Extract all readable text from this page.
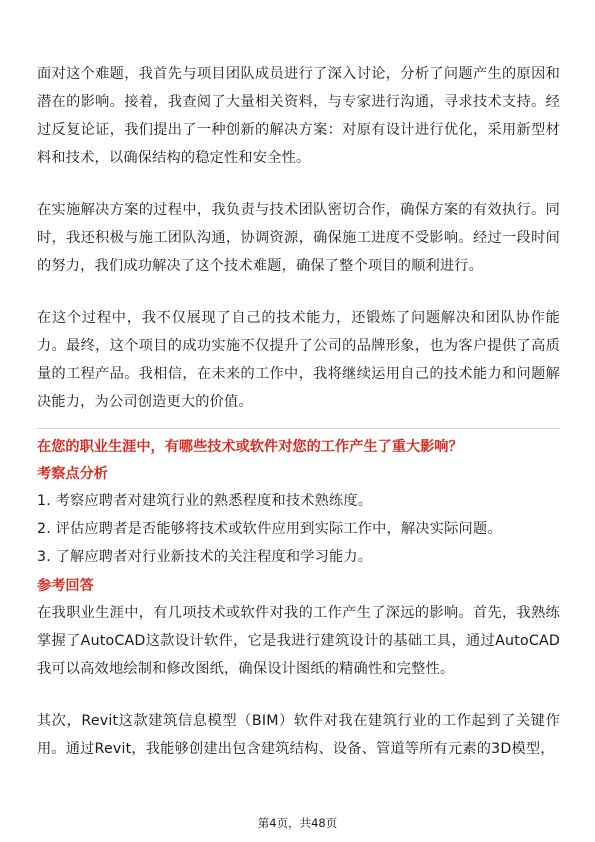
面对这个难题，我首先与项目团队成员进行了深入讨论，分析了问题产生的原因和潜在的影响。接着，我查阅了大量相关资料，与专家进行沟通，寻求技术支持。经过反复论证，我们提出了一种创新的解决方案：对原有设计进行优化，采用新型材料和技术，以确保结构的稳定性和安全性。

在实施解决方案的过程中，我负责与技术团队密切合作，确保方案的有效执行。同时，我还积极与施工团队沟通，协调资源，确保施工进度不受影响。经过一段时间的努力，我们成功解决了这个技术难题，确保了整个项目的顺利进行。

在这个过程中，我不仅展现了自己的技术能力，还锻炼了问题解决和团队协作能力。最终，这个项目的成功实施不仅提升了公司的品牌形象，也为客户提供了高质量的工程产品。我相信，在未来的工作中，我将继续运用自己的技术能力和问题解决能力，为公司创造更大的价值。

在您的职业生涯中，有哪些技术或软件对您的工作产生了重大影响？

考察点分析
1. 考察应聘者对建筑行业的熟悉程度和技术熟练度。
2. 评估应聘者是否能够将技术或软件应用到实际工作中，解决实际问题。
3. 了解应聘者对行业新技术的关注程度和学习能力。
参考回答

在我职业生涯中，有几项技术或软件对我的工作产生了深远的影响。首先，我熟练掌握了AutoCAD这款设计软件，它是我进行建筑设计的基础工具，通过AutoCAD我可以高效地绘制和修改图纸，确保设计图纸的精确性和完整性。

其次，Revit这款建筑信息模型（BIM）软件对我在建筑行业的工作起到了关键作用。通过Revit，我能够创建出包含建筑结构、设备、管道等所有元素的3D模型，

第4页，共48页
